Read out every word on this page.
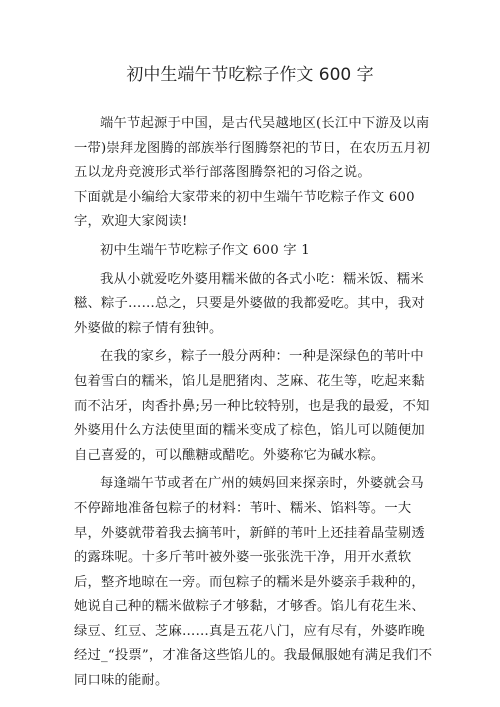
初中生端午节吃粽子作文 600 字

端午节起源于中国，是古代吴越地区(长江中下游及以南一带)崇拜龙图腾的部族举行图腾祭祀的节日，在农历五月初五以龙舟竞渡形式举行部落图腾祭祀的习俗之说。

下面就是小编给大家带来的初中生端午节吃粽子作文 600 字，欢迎大家阅读!

初中生端午节吃粽子作文 600 字 1

我从小就爱吃外婆用糯米做的各式小吃：糯米饭、糯米糍、粽子……总之，只要是外婆做的我都爱吃。其中，我对外婆做的粽子情有独钟。

在我的家乡，粽子一般分两种：一种是深绿色的苇叶中包着雪白的糯米，馅儿是肥猪肉、芝麻、花生等，吃起来黏而不沾牙，肉香扑鼻;另一种比较特别，也是我的最爱，不知外婆用什么方法使里面的糯米变成了棕色，馅儿可以随便加自己喜爱的，可以醮糖或醋吃。外婆称它为碱水粽。

每逢端午节或者在广州的姨妈回来探亲时，外婆就会马不停蹄地准备包粽子的材料：苇叶、糯米、馅料等。一大早，外婆就带着我去摘苇叶，新鲜的苇叶上还挂着晶莹剔透的露珠呢。十多斤苇叶被外婆一张张洗干净，用开水煮软后，整齐地晾在一旁。而包粽子的糯米是外婆亲手栽种的，她说自己种的糯米做粽子才够黏，才够香。馅儿有花生米、绿豆、红豆、芝麻……真是五花八门，应有尽有，外婆昨晚经过_“投票”，才准备这些馅儿的。我最佩服她有满足我们不同口味的能耐。
